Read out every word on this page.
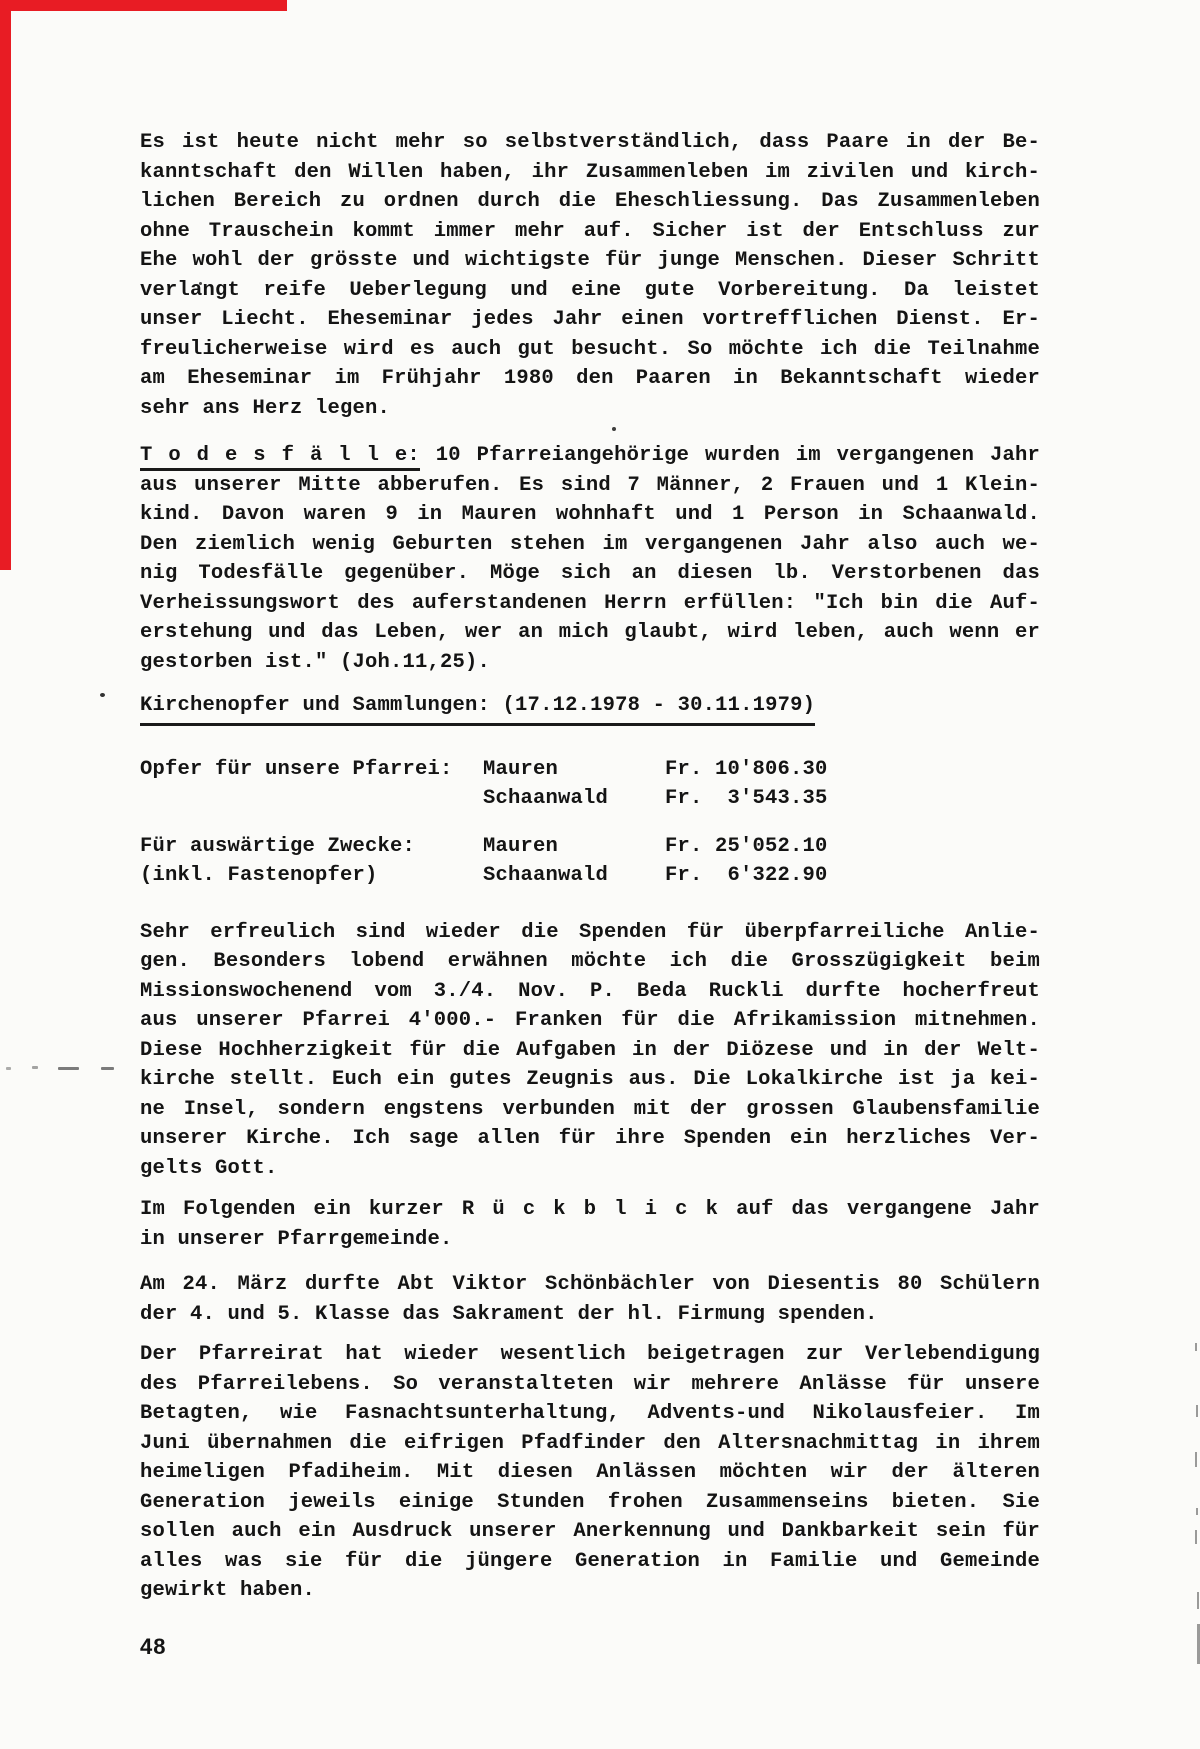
Es ist heute nicht mehr so selbstverständlich, dass Paare in der Be-
kanntschaft den Willen haben, ihr Zusammenleben im zivilen und kirch-
lichen Bereich zu ordnen durch die Eheschliessung. Das Zusammenleben
ohne Trauschein kommt immer mehr auf. Sicher ist der Entschluss zur
Ehe wohl der grösste und wichtigste für junge Menschen. Dieser Schritt
verlangt reife Ueberlegung und eine gute Vorbereitung. Da leistet
unser Liecht. Eheseminar jedes Jahr einen vortrefflichen Dienst. Er-
freulicherweise wird es auch gut besucht. So möchte ich die Teilnahme
am Eheseminar im Frühjahr 1980 den Paaren in Bekanntschaft wieder
sehr ans Herz legen.
T o d e s f ä l l e: 10 Pfarreiangehörige wurden im vergangenen Jahr
aus unserer Mitte abberufen. Es sind 7 Männer, 2 Frauen und 1 Klein-
kind. Davon waren 9 in Mauren wohnhaft und 1 Person in Schaanwald.
Den ziemlich wenig Geburten stehen im vergangenen Jahr also auch we-
nig Todesfälle gegenüber. Möge sich an diesen lb. Verstorbenen das
Verheissungswort des auferstandenen Herrn erfüllen: "Ich bin die Auf-
erstehung und das Leben, wer an mich glaubt, wird leben, auch wenn er
gestorben ist." (Joh.11,25).
Kirchenopfer und Sammlungen: (17.12.1978 - 30.11.1979)
Opfer für unsere Pfarrei:	Mauren	Fr. 10'806.30
Schaanwald	Fr.  3'543.35
Für auswärtige Zwecke:	Mauren	Fr. 25'052.10
(inkl. Fastenopfer)	Schaanwald	Fr.  6'322.90
Sehr erfreulich sind wieder die Spenden für überpfarreiliche Anlie-
gen. Besonders lobend erwähnen möchte ich die Grosszügigkeit beim
Missionswochenend vom 3./4. Nov. P. Beda Ruckli durfte hocherfreut
aus unserer Pfarrei 4'000.- Franken für die Afrikamission mitnehmen.
Diese Hochherzigkeit für die Aufgaben in der Diözese und in der Welt-
kirche stellt. Euch ein gutes Zeugnis aus. Die Lokalkirche ist ja kei-
ne Insel, sondern engstens verbunden mit der grossen Glaubensfamilie
unserer Kirche. Ich sage allen für ihre Spenden ein herzliches Ver-
gelts Gott.
Im Folgenden ein kurzer R ü c k b l i c k auf das vergangene Jahr
in unserer Pfarrgemeinde.
Am 24. März durfte Abt Viktor Schönbächler von Diesentis 80 Schülern
der 4. und 5. Klasse das Sakrament der hl. Firmung spenden.
Der Pfarreirat hat wieder wesentlich beigetragen zur Verlebendigung
des Pfarreilebens. So veranstalteten wir mehrere Anlässe für unsere
Betagten, wie Fasnachtsunterhaltung, Advents-und Nikolausfeier. Im
Juni übernahmen die eifrigen Pfadfinder den Altersnachmittag in ihrem
heimeligen Pfadiheim. Mit diesen Anlässen möchten wir der älteren
Generation jeweils einige Stunden frohen Zusammenseins bieten. Sie
sollen auch ein Ausdruck unserer Anerkennung und Dankbarkeit sein für
alles was sie für die jüngere Generation in Familie und Gemeinde
gewirkt haben.
48
